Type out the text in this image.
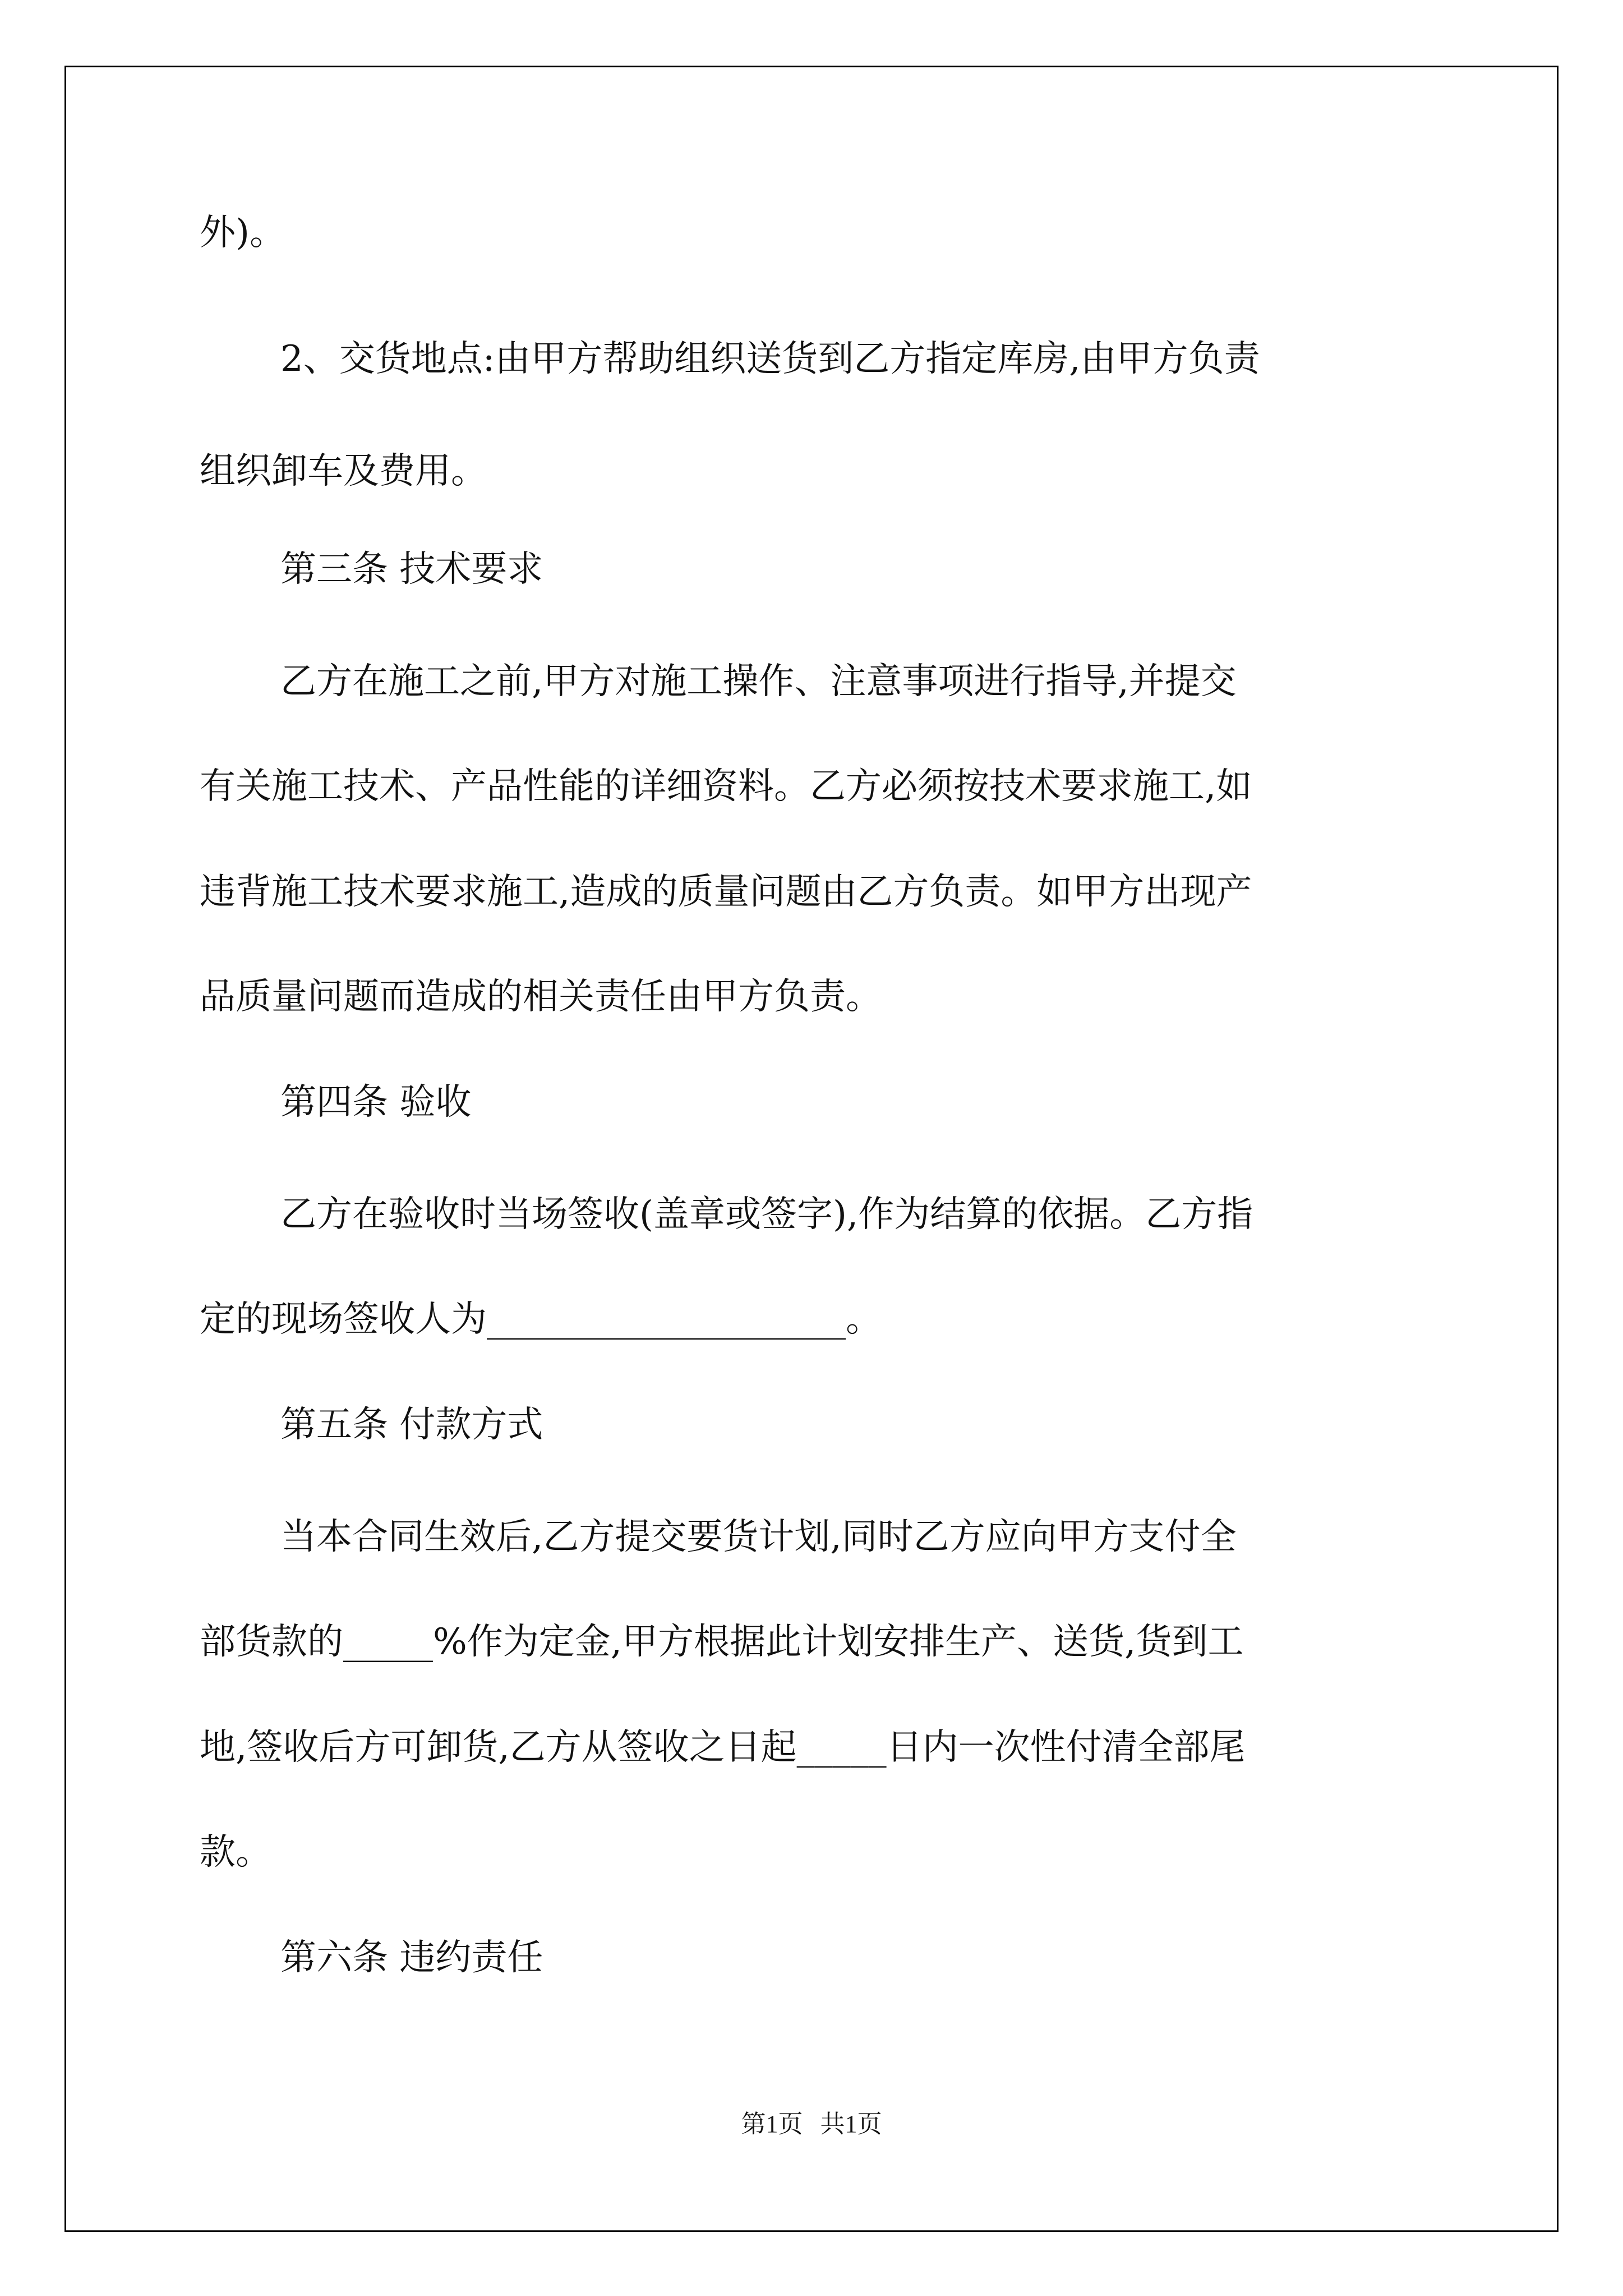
外)。
2、交货地点:由甲方帮助组织送货到乙方指定库房,由甲方负责
组织卸车及费用。
第三条 技术要求
乙方在施工之前,甲方对施工操作、注意事项进行指导,并提交
有关施工技术、产品性能的详细资料。乙方必须按技术要求施工,如
违背施工技术要求施工,造成的质量问题由乙方负责。如甲方出现产
品质量问题而造成的相关责任由甲方负责。
第四条 验收
乙方在验收时当场签收(盖章或签字),作为结算的依据。乙方指
定的现场签收人为____________________。
第五条 付款方式
当本合同生效后,乙方提交要货计划,同时乙方应向甲方支付全
部货款的_____%作为定金,甲方根据此计划安排生产、送货,货到工
地,签收后方可卸货,乙方从签收之日起_____日内一次性付清全部尾
款。
第六条 违约责任
第1页 共1页
